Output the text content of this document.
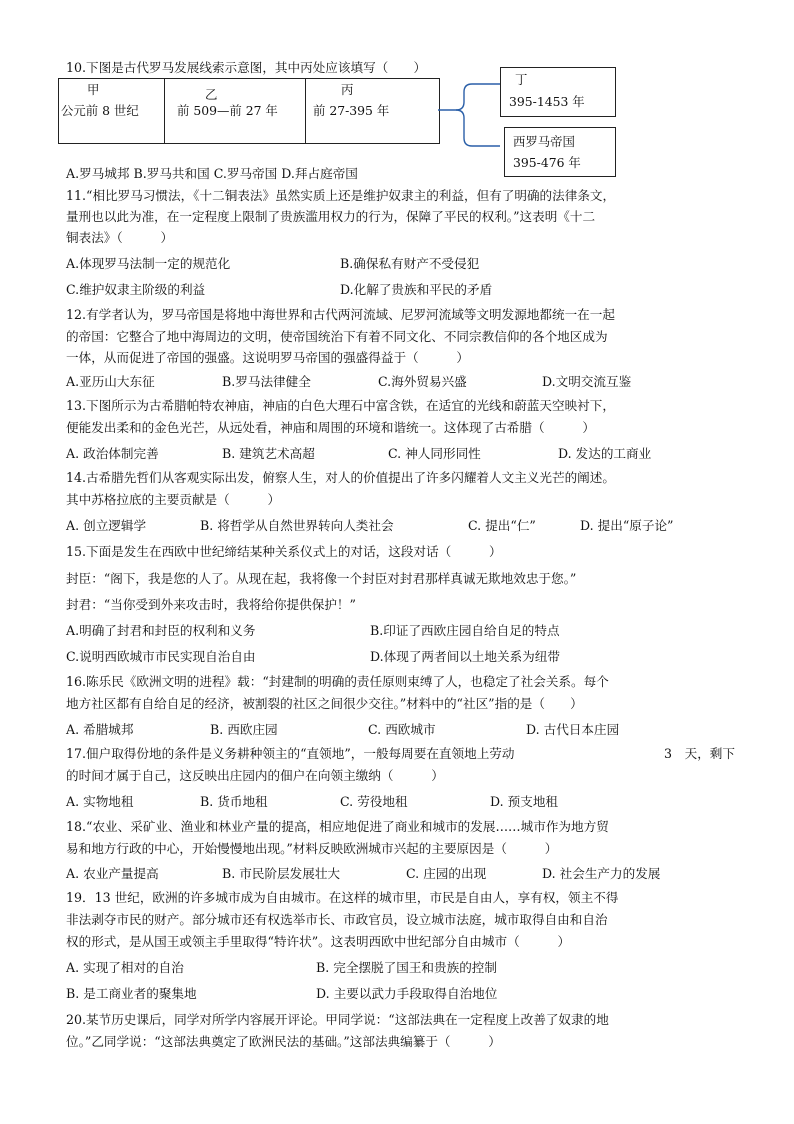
10.下图是古代罗马发展线索示意图，其中丙处应该填写（　　）
甲
公元前 8 世纪
乙
前 509—前 27 年
丙
前 27-395 年
丁
395-1453 年
西罗马帝国
395-476 年
A.罗马城邦 B.罗马共和国 C.罗马帝国 D.拜占庭帝国
11.“相比罗马习惯法，《十二铜表法》虽然实质上还是维护奴隶主的利益，但有了明确的法律条文，
量刑也以此为准，在一定程度上限制了贵族滥用权力的行为，保障了平民的权利。”这表明《十二
铜表法》（　　　）
A.体现罗马法制一定的规范化	B.确保私有财产不受侵犯
C.维护奴隶主阶级的利益	D.化解了贵族和平民的矛盾
12.有学者认为，罗马帝国是将地中海世界和古代两河流域、尼罗河流域等文明发源地都统一在一起
的帝国：它整合了地中海周边的文明，使帝国统治下有着不同文化、不同宗教信仰的各个地区成为
一体，从而促进了帝国的强盛。这说明罗马帝国的强盛得益于（　　　）
A.亚历山大东征	B.罗马法律健全	C.海外贸易兴盛	D.文明交流互鉴
13.下图所示为古希腊帕特农神庙，神庙的白色大理石中富含铁，在适宜的光线和蔚蓝天空映衬下，
便能发出柔和的金色光芒，从远处看，神庙和周围的环境和谐统一。这体现了古希腊（　　　）
A. 政治体制完善	B. 建筑艺术高超	C. 神人同形同性	D. 发达的工商业
14.古希腊先哲们从客观实际出发，俯察人生，对人的价值提出了许多闪耀着人文主义光芒的阐述。
其中苏格拉底的主要贡献是（　　　）
A. 创立逻辑学	B. 将哲学从自然世界转向人类社会	C. 提出“仁”	D. 提出“原子论”
15.下面是发生在西欧中世纪缔结某种关系仪式上的对话，这段对话（　　　）
封臣：“阁下，我是您的人了。从现在起，我将像一个封臣对封君那样真诚无欺地效忠于您。”
封君：“当你受到外来攻击时，我将给你提供保护！”
A.明确了封君和封臣的权利和义务	B.印证了西欧庄园自给自足的特点
C.说明西欧城市市民实现自治自由	D.体现了两者间以土地关系为纽带
16.陈乐民《欧洲文明的进程》载：“封建制的明确的责任原则束缚了人，也稳定了社会关系。每个
地方社区都有自给自足的经济，被割裂的社区之间很少交往。”材料中的“社区”指的是（　　）
A. 希腊城邦	B. 西欧庄园	C. 西欧城市	D. 古代日本庄园
17.佃户取得份地的条件是义务耕种领主的“直领地”，一般每周要在直领地上劳动	3　天，剩下
的时间才属于自己，这反映出庄园内的佃户在向领主缴纳（　　　）
A. 实物地租	B. 货币地租	C. 劳役地租	D. 预支地租
18.“农业、采矿业、渔业和林业产量的提高，相应地促进了商业和城市的发展……城市作为地方贸
易和地方行政的中心，开始慢慢地出现。”材料反映欧洲城市兴起的主要原因是（　　　）
A. 农业产量提高	B. 市民阶层发展壮大	C. 庄园的出现	D. 社会生产力的发展
19．13 世纪，欧洲的许多城市成为自由城市。在这样的城市里，市民是自由人，享有权，领主不得
非法剥夺市民的财产。部分城市还有权选举市长、市政官员，设立城市法庭，城市取得自由和自治
权的形式，是从国王或领主手里取得“特许状”。这表明西欧中世纪部分自由城市（　　　）
A. 实现了相对的自治	B. 完全摆脱了国王和贵族的控制
B. 是工商业者的聚集地	D. 主要以武力手段取得自治地位
20.某节历史课后，同学对所学内容展开评论。甲同学说：“这部法典在一定程度上改善了奴隶的地
位。”乙同学说：“这部法典奠定了欧洲民法的基础。”这部法典编纂于（　　　）
